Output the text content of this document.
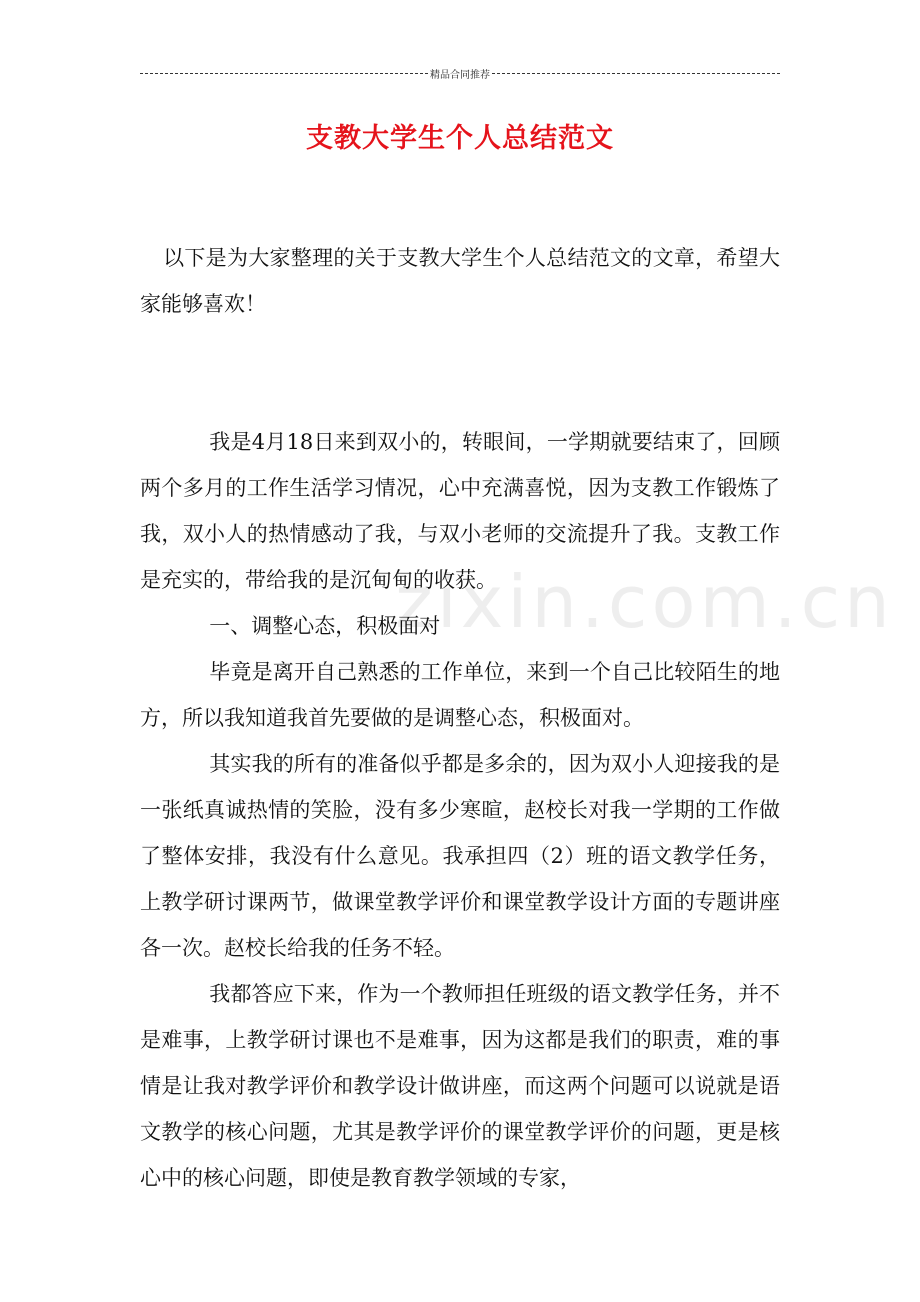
精品合同推荐
支教大学生个人总结范文
zixin.com.cn

以下是为大家整理的关于支教大学生个人总结范文的文章，希望大家能够喜欢！

我是4月18日来到双小的，转眼间，一学期就要结束了，回顾两个多月的工作生活学习情况，心中充满喜悦，因为支教工作锻炼了我，双小人的热情感动了我，与双小老师的交流提升了我。支教工作是充实的，带给我的是沉甸甸的收获。

一、调整心态，积极面对

毕竟是离开自己熟悉的工作单位，来到一个自己比较陌生的地方，所以我知道我首先要做的是调整心态，积极面对。

其实我的所有的准备似乎都是多余的，因为双小人迎接我的是一张纸真诚热情的笑脸，没有多少寒暄，赵校长对我一学期的工作做了整体安排，我没有什么意见。我承担四（2）班的语文教学任务，上教学研讨课两节，做课堂教学评价和课堂教学设计方面的专题讲座各一次。赵校长给我的任务不轻。

我都答应下来，作为一个教师担任班级的语文教学任务，并不是难事，上教学研讨课也不是难事，因为这都是我们的职责，难的事情是让我对教学评价和教学设计做讲座，而这两个问题可以说就是语文教学的核心问题，尤其是教学评价的课堂教学评价的问题，更是核心中的核心问题，即使是教育教学领域的专家，
